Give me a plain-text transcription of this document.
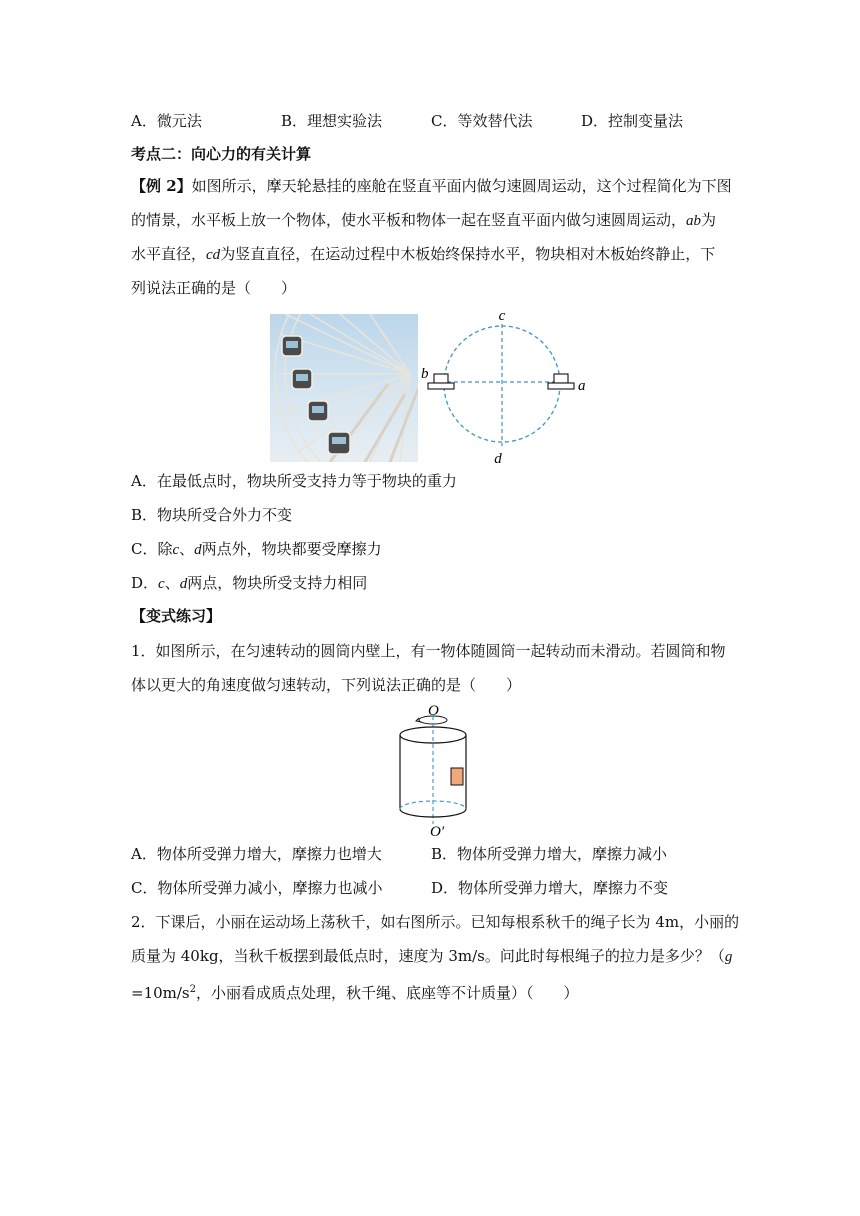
A．微元法	B．理想实验法	C．等效替代法	D．控制变量法
考点二：向心力的有关计算
【例 2】如图所示，摩天轮悬挂的座舱在竖直平面内做匀速圆周运动，这个过程简化为下图
的情景，水平板上放一个物体，使水平板和物体一起在竖直平面内做匀速圆周运动，ab为
水平直径，cd为竖直直径，在运动过程中木板始终保持水平，物块相对木板始终静止，下
列说法正确的是（　　）
c
d
a
b
A．在最低点时，物块所受支持力等于物块的重力
B．物块所受合外力不变
C．除c、d两点外，物块都要受摩擦力
D．c、d两点，物块所受支持力相同
【变式练习】
1．如图所示，在匀速转动的圆筒内壁上，有一物体随圆筒一起转动而未滑动。若圆筒和物
体以更大的角速度做匀速转动，下列说法正确的是（　　）
O
O′
A．物体所受弹力增大，摩擦力也增大	B．物体所受弹力增大，摩擦力减小
C．物体所受弹力减小，摩擦力也减小	D．物体所受弹力增大，摩擦力不变
2．下课后，小丽在运动场上荡秋千，如右图所示。已知每根系秋千的绳子长为 4m，小丽的
质量为 40kg，当秋千板摆到最低点时，速度为 3m/s。问此时每根绳子的拉力是多少？（g
$=10m/s^2$，小丽看成质点处理，秋千绳、底座等不计质量）（　　）
